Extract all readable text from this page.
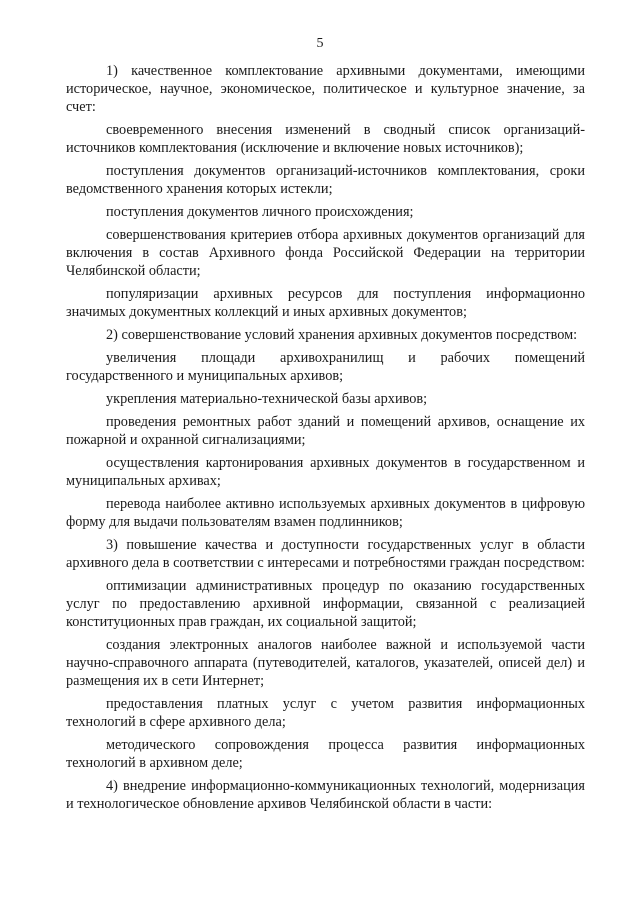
5

1) качественное комплектование архивными документами, имеющими историческое, научное, экономическое, политическое и культурное значение, за счет:

своевременного внесения изменений в сводный список организаций-источников комплектования (исключение и включение новых источников);

поступления документов организаций-источников комплектования, сроки ведомственного хранения которых истекли;

поступления документов личного происхождения;

совершенствования критериев отбора архивных документов организаций для включения в состав Архивного фонда Российской Федерации на территории Челябинской области;

популяризации архивных ресурсов для поступления информационно значимых документных коллекций и иных архивных документов;

2) совершенствование условий хранения архивных документов посредством:

увеличения площади архивохранилищ и рабочих помещений государственного и муниципальных архивов;

укрепления материально-технической базы архивов;

проведения ремонтных работ зданий и помещений архивов, оснащение их пожарной и охранной сигнализациями;

осуществления картонирования архивных документов в государственном и муниципальных архивах;

перевода наиболее активно используемых архивных документов в цифровую форму для выдачи пользователям взамен подлинников;

3) повышение качества и доступности государственных услуг в области архивного дела в соответствии с интересами и потребностями граждан посредством:

оптимизации административных процедур по оказанию государственных услуг по предоставлению архивной информации, связанной с реализацией конституционных прав граждан, их социальной защитой;

создания электронных аналогов наиболее важной и используемой части научно-справочного аппарата (путеводителей, каталогов, указателей, описей дел) и размещения их в сети Интернет;

предоставления платных услуг с учетом развития информационных технологий в сфере архивного дела;

методического сопровождения процесса развития информационных технологий в архивном деле;

4) внедрение информационно-коммуникационных технологий, модернизация и технологическое обновление архивов Челябинской области в части:
